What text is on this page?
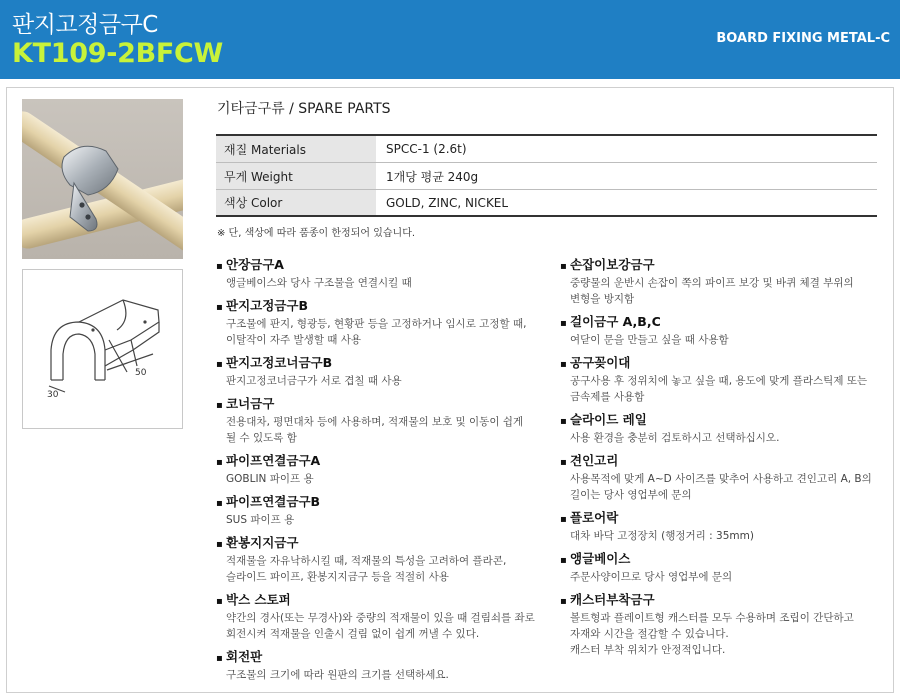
판지고정금구C
KT109-2BFCW	BOARD FIXING METAL-C
50
30
기타금구류 / SPARE PARTS
재질 Materials	SPCC-1 (2.6t)
무게 Weight	1개당 평균 240g
색상 Color	GOLD, ZINC, NICKEL
※ 단, 색상에 따라 품종이 한정되어 있습니다.
▪ 안장금구A
앵글베이스와 당사 구조물을 연결시킬 때
▪ 판지고정금구B
구조물에 판지, 형광등, 현황판 등을 고정하거나 임시로 고정할 때,
이탈작이 자주 발생할 때 사용
▪ 판지고정코너금구B
판지고정코너금구가 서로 겹칠 때 사용
▪ 코너금구
전용대차, 평면대차 등에 사용하며, 적재물의 보호 및 이동이 쉽게
될 수 있도록 함
▪ 파이프연결금구A
GOBLIN 파이프 용
▪ 파이프연결금구B
SUS 파이프 용
▪ 환봉지지금구
적재물을 자유낙하시킬 때, 적재물의 특성을 고려하여 플라콘,
슬라이드 파이프, 환봉지지금구 등을 적절히 사용
▪ 박스 스토퍼
약간의 경사(또는 무경사)와 중량의 적재물이 있을 때 걸림쇠를 좌로
회전시켜 적재물을 인출시 걸림 없이 쉽게 꺼낼 수 있다.
▪ 회전판
구조물의 크기에 따라 원판의 크기를 선택하세요.
▪ 손잡이보강금구
중량물의 운반시 손잡이 쪽의 파이프 보강 및 바퀴 체결 부위의
변형을 방지함
▪ 걸이금구 A,B,C
여닫이 문을 만들고 싶을 때 사용함
▪ 공구꽂이대
공구사용 후 정위치에 놓고 싶을 때, 용도에 맞게 플라스틱제 또는
금속제를 사용함
▪ 슬라이드 레일
사용 환경을 충분히 검토하시고 선택하십시오.
▪ 견인고리
사용목적에 맞게 A~D 사이즈를 맞추어 사용하고 견인고리 A, B의
길이는 당사 영업부에 문의
▪ 플로어락
대차 바닥 고정장치 (행정거리 : 35mm)
▪ 앵글베이스
주문사양이므로 당사 영업부에 문의
▪ 캐스터부착금구
볼트형과 플레이트형 캐스터를 모두 수용하며 조립이 간단하고
자재와 시간을 절감할 수 있습니다.
캐스터 부착 위치가 안정적입니다.
